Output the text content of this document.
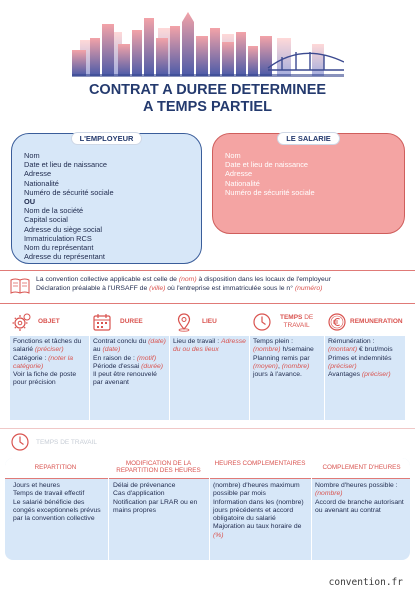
CONTRAT A DUREE DETERMINEE
A TEMPS PARTIEL
L'EMPLOYEUR
Nom
Date et lieu de naissance
Adresse
Nationalité
Numéro de sécurité sociale
OU
Nom de la société
Capital social
Adresse du siège social
Immatriculation RCS
Nom du représentant
Adresse du représentant
LE SALARIE
Nom
Date et lieu de naissance
Adresse
Nationalité
Numéro de sécurité sociale
La convention collective applicable est celle de (nom) à disposition dans les locaux de l'employeur
Déclaration préalable à l'URSAFF de (ville) où l'entreprise est immatriculée sous le n° (numéro)
OBJET

Fonctions et tâches du salarié (préciser)

Catégorie : (noter la catégorie)

Voir la fiche de poste pour précision

DUREE

Contrat conclu du (date) au (date)

En raison de : (motif)

Période d'essai (durée)

Il peut être renouvelé par avenant

LIEU

Lieu de travail : Adresse du ou des lieux

TEMPS DE
TRAVAIL

Temps plein : (nombre) h/semaine

Planning remis par (moyen), (nombre) jours à l'avance.

REMUNERATION

Rémunération : (montant) € brut/mois

Primes et indemnités (préciser)

Avantages (préciser)

TEMPS DE TRAVAIL
REPARTITION
MODIFICATION DE LA REPARTITION DES HEURES
HEURES COMPLEMENTAIRES
COMPLEMENT D'HEURES

Jours et heures

Temps de travail effectif

Le salarié bénéficie des congés exceptionnels prévus par la convention collective

Délai de prévenance

Cas d'application

Notification par LRAR ou en mains propres

(nombre) d'heures maximum possible par mois

Information dans les (nombre) jours précédents et accord obligatoire du salarié

Majoration au taux horaire de (%)

Nombre d'heures possible : (nombre)

Accord de branche autorisant ou avenant au contrat

convention.fr
